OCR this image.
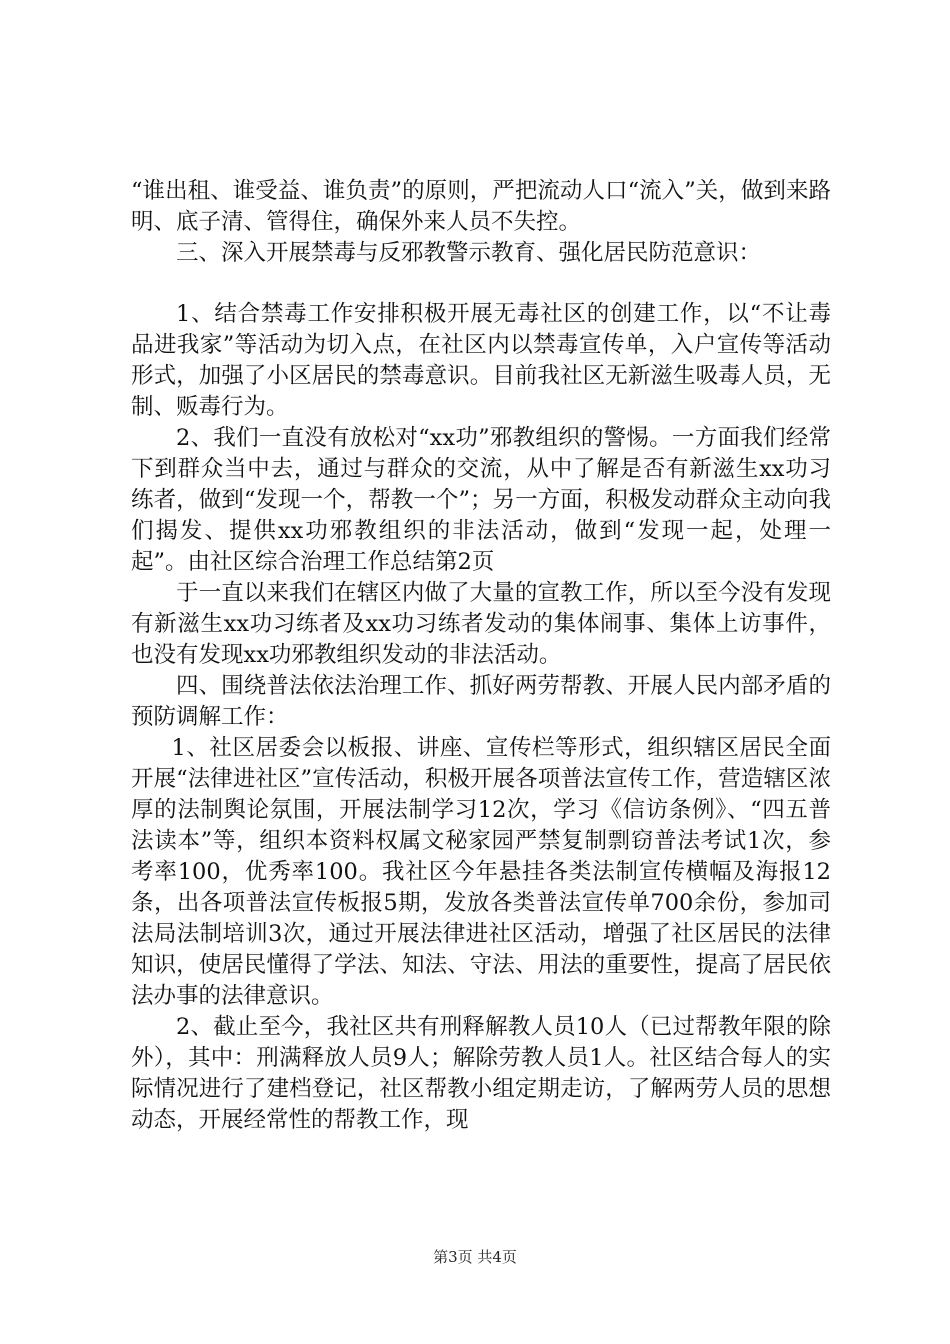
“谁出租、谁受益、谁负责”的原则，严把流动人口“流入”关，做到来路明、底子清、管得住，确保外来人员不失控。

三、深入开展禁毒与反邪教警示教育、强化居民防范意识：

1、结合禁毒工作安排积极开展无毒社区的创建工作，以“不让毒品进我家”等活动为切入点，在社区内以禁毒宣传单，入户宣传等活动形式，加强了小区居民的禁毒意识。目前我社区无新滋生吸毒人员，无制、贩毒行为。

2、我们一直没有放松对“xx功”邪教组织的警惕。一方面我们经常下到群众当中去，通过与群众的交流，从中了解是否有新滋生xx功习练者，做到“发现一个，帮教一个”；另一方面，积极发动群众主动向我们揭发、提供xx功邪教组织的非法活动，做到“发现一起，处理一起”。由社区综合治理工作总结第2页

于一直以来我们在辖区内做了大量的宣教工作，所以至今没有发现有新滋生xx功习练者及xx功习练者发动的集体闹事、集体上访事件，也没有发现xx功邪教组织发动的非法活动。

四、围绕普法依法治理工作、抓好两劳帮教、开展人民内部矛盾的预防调解工作：

1、社区居委会以板报、讲座、宣传栏等形式，组织辖区居民全面开展“法律进社区”宣传活动，积极开展各项普法宣传工作，营造辖区浓厚的法制舆论氛围，开展法制学习12次，学习《信访条例》、“四五普法读本”等，组织本资料权属文秘家园严禁复制剽窃普法考试1次，参考率100，优秀率100。我社区今年悬挂各类法制宣传横幅及海报12条，出各项普法宣传板报5期，发放各类普法宣传单700余份，参加司法局法制培训3次，通过开展法律进社区活动，增强了社区居民的法律知识，使居民懂得了学法、知法、守法、用法的重要性，提高了居民依法办事的法律意识。

2、截止至今，我社区共有刑释解教人员10人（已过帮教年限的除外），其中：刑满释放人员9人；解除劳教人员1人。社区结合每人的实际情况进行了建档登记，社区帮教小组定期走访，了解两劳人员的思想动态，开展经常性的帮教工作，现

第3页 共4页
